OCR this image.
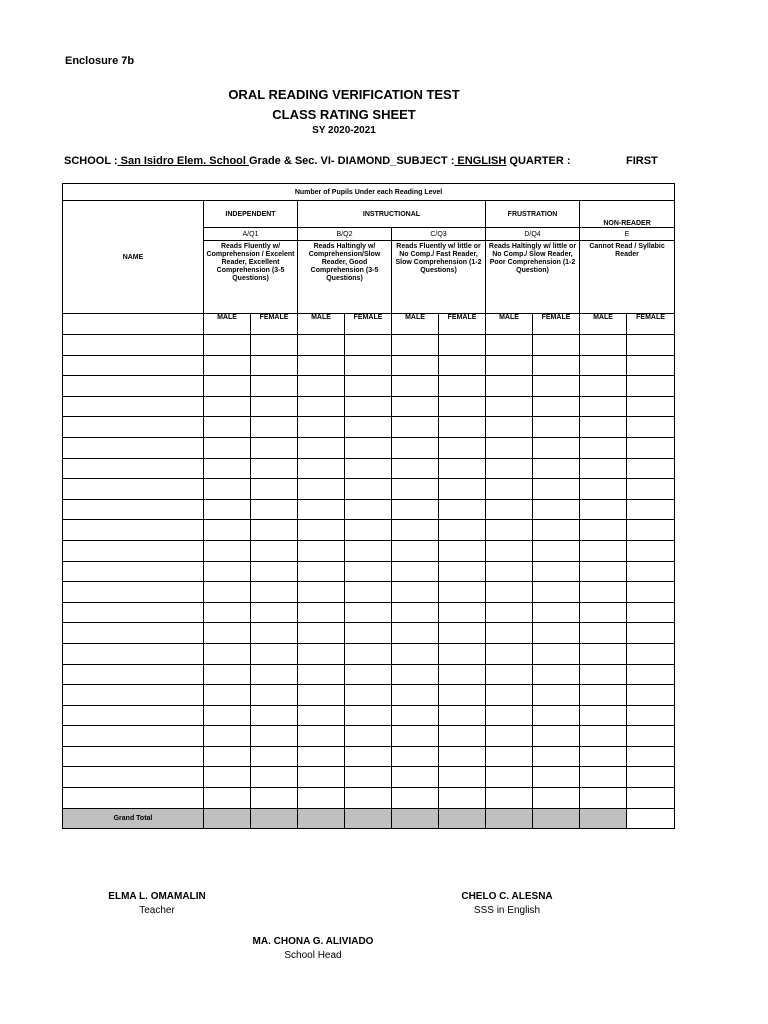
Enclosure 7b
ORAL READING VERIFICATION TEST
CLASS RATING SHEET
SY 2020-2021
SCHOOL : San Isidro Elem. School Grade & Sec. VI- DIAMOND_SUBJECT : ENGLISH QUARTER :	FIRST
Number of Pupils Under each Reading Level										
NAME	INDEPENDENT		INSTRUCTIONAL				FRUSTRATION		NON-READER	
	A/Q1		B/Q2		C/Q3		D/Q4		E	
	Reads Fluently w/ Comprehension / Excelent Reader, Excellent Comprehension (3-5 Questions)		Reads Haltingly w/ Comprehension/Slow Reader, Good Comprehension (3-5 Questions)		Reads Fluently w/ little or No Comp./ Fast Reader, Slow Comprehension (1-2 Questions)		Reads Haltingly w/ little or No Comp./ Slow Reader, Poor Comprehension (1-2 Question)		Cannot Read / Syllabic Reader	
	MALE	FEMALE	MALE	FEMALE	MALE	FEMALE	MALE	FEMALE	MALE	FEMALE

Grand Total										
ELMA L. OMAMALIN
Teacher
CHELO C. ALESNA
SSS in English
MA. CHONA G. ALIVIADO
School Head
